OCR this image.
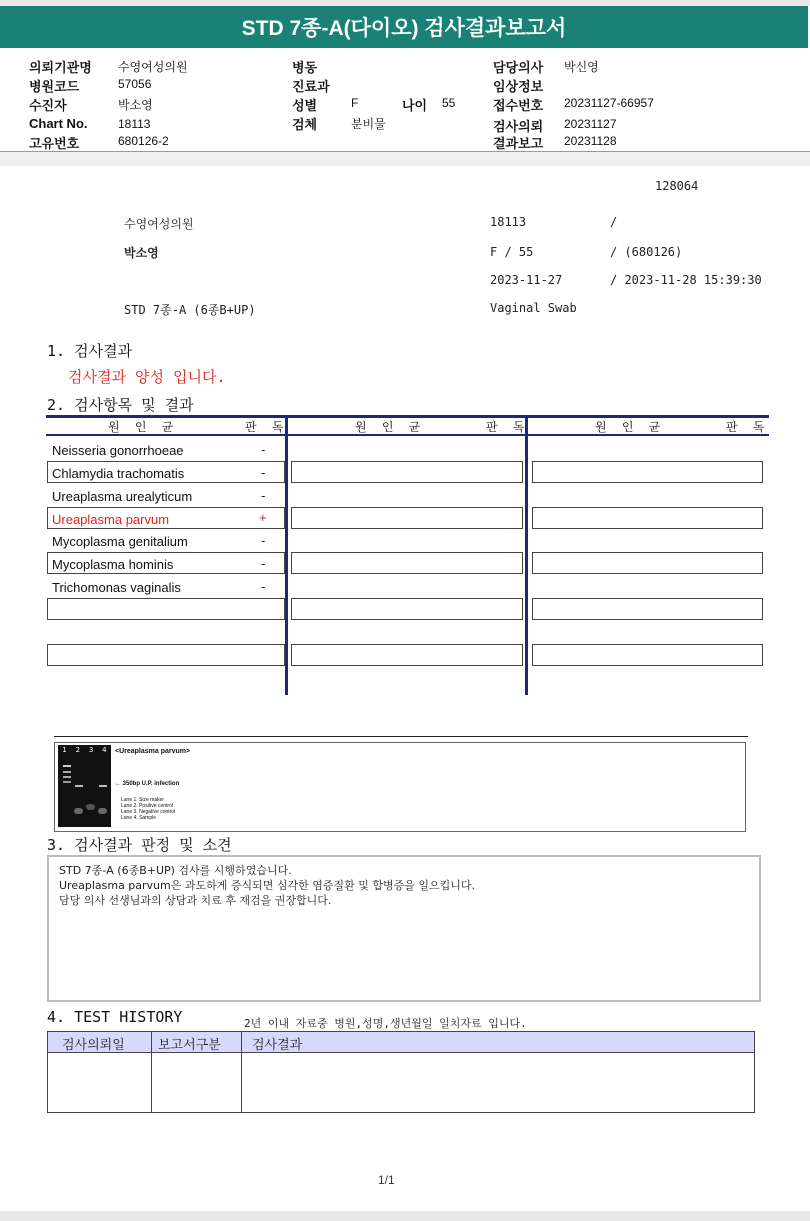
STD 7종-A(다이오) 검사결과보고서
의뢰기관명 수영여성의원
병원코드	57056
수진자	박소영
Chart No.	18113
고유번호	680126-2
병동
진료과
성별	F	나이 55
검체	분비물
담당의사 박신영
임상정보
접수번호 20231127-66957
검사의뢰 20231127
결과보고 20231128
128064
수영여성의원	18113	/
박소영	F / 55	/ (680126)
2023-11-27	/ 2023-11-28 15:39:30
STD 7종-A (6종B+UP)	Vaginal Swab
1. 검사결과
검사결과 양성 입니다.
2. 검사항목 및 결과
원 인 균	판 독	원 인 균	판 독	원 인 균	판 독
Neisseria gonorrhoeae	-
Chlamydia trachomatis	-
Ureaplasma urealyticum	-
Ureaplasma parvum	+
Mycoplasma genitalium	-
Mycoplasma hominis	-
Trichomonas vaginalis	-
1 2 3 4 <Ureaplasma parvum>
← 350bp U.P. infection
Lane 1. Size maker
Lane 2. Positive control
Lane 3. Negative control
Lane 4. Sample
3. 검사결과 판정 및 소견
STD 7종-A (6종B+UP) 검사를 시행하였습니다.
Ureaplasma parvum은 과도하게 증식되면 심각한 염증질환 및 합병증을 일으킵니다.
담당 의사 선생님과의 상담과 치료 후 재검을 권장합니다.
4. TEST HISTORY	2년 이내 자료중 병원,성명,생년월일 일치자료 입니다.
검사의뢰일	보고서구분 검사결과
1/1
